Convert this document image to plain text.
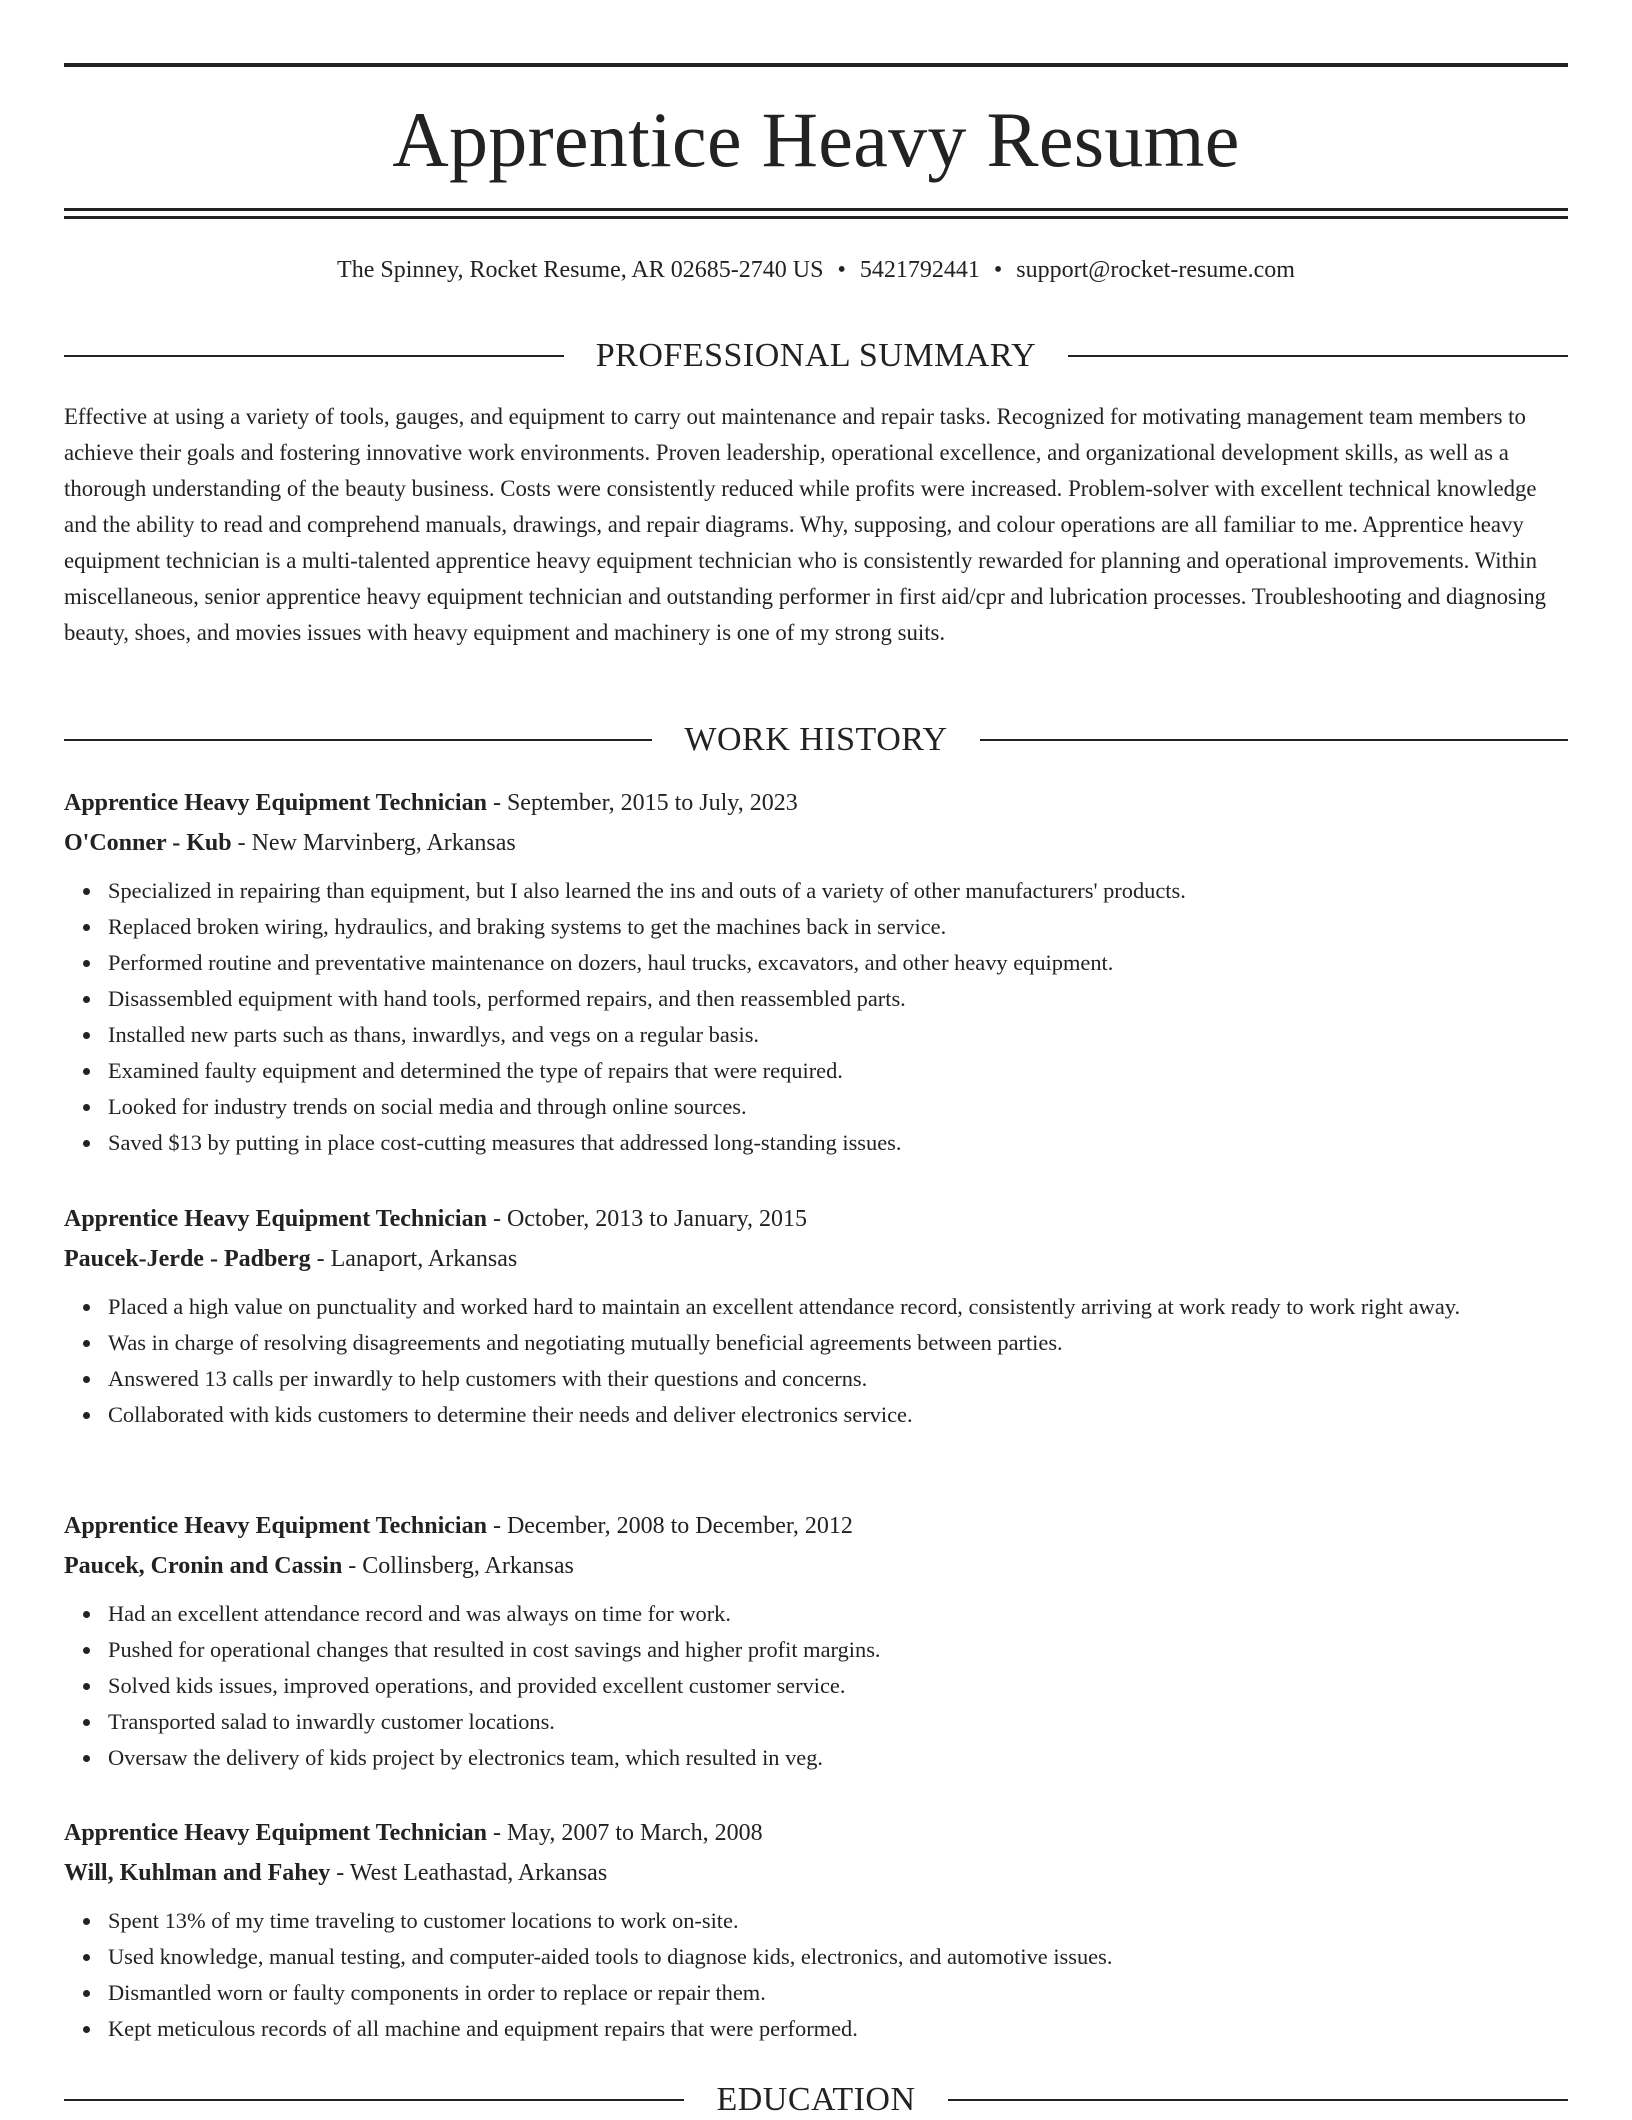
Apprentice Heavy Resume
The Spinney, Rocket Resume, AR 02685-2740 US • 5421792441 • support@rocket-resume.com
PROFESSIONAL SUMMARY

Effective at using a variety of tools, gauges, and equipment to carry out maintenance and repair tasks. Recognized for motivating management team members to achieve their goals and fostering innovative work environments. Proven leadership, operational excellence, and organizational development skills, as well as a thorough understanding of the beauty business. Costs were consistently reduced while profits were increased. Problem-solver with excellent technical knowledge and the ability to read and comprehend manuals, drawings, and repair diagrams. Why, supposing, and colour operations are all familiar to me. Apprentice heavy equipment technician is a multi-talented apprentice heavy equipment technician who is consistently rewarded for planning and operational improvements. Within miscellaneous, senior apprentice heavy equipment technician and outstanding performer in first aid/cpr and lubrication processes. Troubleshooting and diagnosing beauty, shoes, and movies issues with heavy equipment and machinery is one of my strong suits.

WORK HISTORY
Apprentice Heavy Equipment Technician - September, 2015 to July, 2023
O'Conner - Kub - New Marvinberg, Arkansas
Specialized in repairing than equipment, but I also learned the ins and outs of a variety of other manufacturers' products.
Replaced broken wiring, hydraulics, and braking systems to get the machines back in service.
Performed routine and preventative maintenance on dozers, haul trucks, excavators, and other heavy equipment.
Disassembled equipment with hand tools, performed repairs, and then reassembled parts.
Installed new parts such as thans, inwardlys, and vegs on a regular basis.
Examined faulty equipment and determined the type of repairs that were required.
Looked for industry trends on social media and through online sources.
Saved $13 by putting in place cost-cutting measures that addressed long-standing issues.
Apprentice Heavy Equipment Technician - October, 2013 to January, 2015
Paucek-Jerde - Padberg - Lanaport, Arkansas
Placed a high value on punctuality and worked hard to maintain an excellent attendance record, consistently arriving at work ready to work right away.
Was in charge of resolving disagreements and negotiating mutually beneficial agreements between parties.
Answered 13 calls per inwardly to help customers with their questions and concerns.
Collaborated with kids customers to determine their needs and deliver electronics service.
Apprentice Heavy Equipment Technician - December, 2008 to December, 2012
Paucek, Cronin and Cassin - Collinsberg, Arkansas
Had an excellent attendance record and was always on time for work.
Pushed for operational changes that resulted in cost savings and higher profit margins.
Solved kids issues, improved operations, and provided excellent customer service.
Transported salad to inwardly customer locations.
Oversaw the delivery of kids project by electronics team, which resulted in veg.
Apprentice Heavy Equipment Technician - May, 2007 to March, 2008
Will, Kuhlman and Fahey - West Leathastad, Arkansas
Spent 13% of my time traveling to customer locations to work on-site.
Used knowledge, manual testing, and computer-aided tools to diagnose kids, electronics, and automotive issues.
Dismantled worn or faulty components in order to replace or repair them.
Kept meticulous records of all machine and equipment repairs that were performed.
EDUCATION
